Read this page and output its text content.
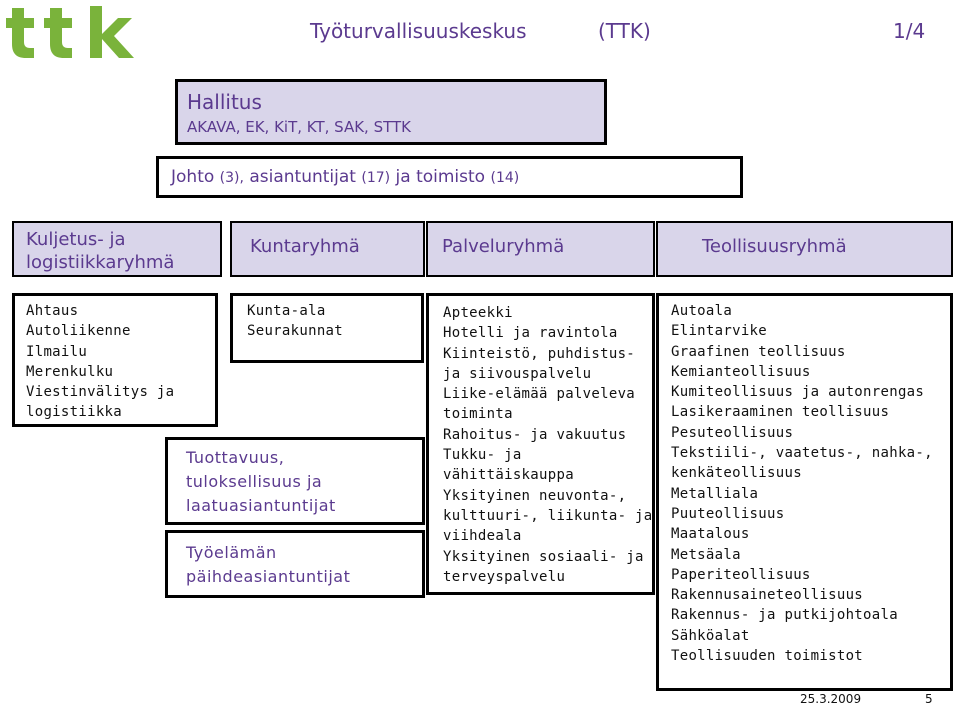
Työturvallisuuskeskus	(TTK)	1/4
Hallitus
AKAVA, EK, KiT, KT, SAK, STTK
Johto (3), asiantuntijat (17) ja toimisto (14)
Kuljetus- ja
logistiikkaryhmä
Kuntaryhmä	Palveluryhmä	Teollisuusryhmä
Ahtaus
Autoliikenne
Ilmailu
Merenkulku
Viestinvälitys ja
logistiikka
Kunta-ala
Seurakunnat
Apteekki
Hotelli ja ravintola
Kiinteistö, puhdistus-
ja siivouspalvelu
Liike-elämää palveleva
toiminta
Rahoitus- ja vakuutus
Tukku- ja
vähittäiskauppa
Yksityinen neuvonta-,
kulttuuri-, liikunta- ja
viihdeala
Yksityinen sosiaali- ja
terveyspalvelu
Autoala
Elintarvike
Graafinen teollisuus
Kemianteollisuus
Kumiteollisuus ja autonrengas
Lasikeraaminen teollisuus
Pesuteollisuus
Tekstiili-, vaatetus-, nahka-,
kenkäteollisuus
Metalliala
Puuteollisuus
Maatalous
Metsäala
Paperiteollisuus
Rakennusaineteollisuus
Rakennus- ja putkijohtoala
Sähköalat
Teollisuuden toimistot
Tuottavuus,
tuloksellisuus ja
laatuasiantuntijat
Työelämän
päihdeasiantuntijat
25.3.2009	5
